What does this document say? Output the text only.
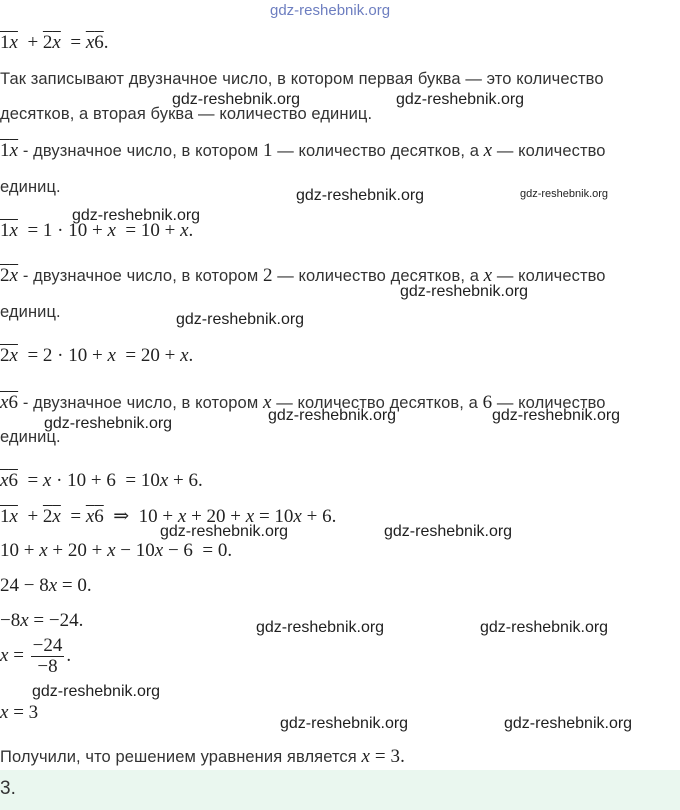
gdz-reshebnik.org
1x  + 2x  = x6.
Так записывают двузначное число, в котором первая буква — это количество
десятков, а вторая буква — количество единиц.
1x - двузначное число, в котором 1 — количество десятков, а x — количество
единиц.
1x  = 1 · 10 + x  = 10 + x.
2x - двузначное число, в котором 2 — количество десятков, а x — количество
единиц.
2x  = 2 · 10 + x  = 20 + x.
x6 - двузначное число, в котором x — количество десятков, а 6 — количество
единиц.
x6  = x · 10 + 6  = 10x + 6.
1x  + 2x  = x6  ⇒  10 + x + 20 + x = 10x + 6.
10 + x + 20 + x − 10x − 6  = 0.
24 − 8x = 0.
−8x = −24.
$x = \frac{-24}{-8}$ .
x = 3
Получили, что решением уравнения является x = 3.
3.
gdz-reshebnik.org	gdz-reshebnik.org
gdz-reshebnik.org	gdz-reshebnik.org
gdz-reshebnik.org
gdz-reshebnik.org
gdz-reshebnik.org
gdz-reshebnik.org	gdz-reshebnik.org
gdz-reshebnik.org
gdz-reshebnik.org	gdz-reshebnik.org
gdz-reshebnik.org	gdz-reshebnik.org
gdz-reshebnik.org
gdz-reshebnik.org	gdz-reshebnik.org
